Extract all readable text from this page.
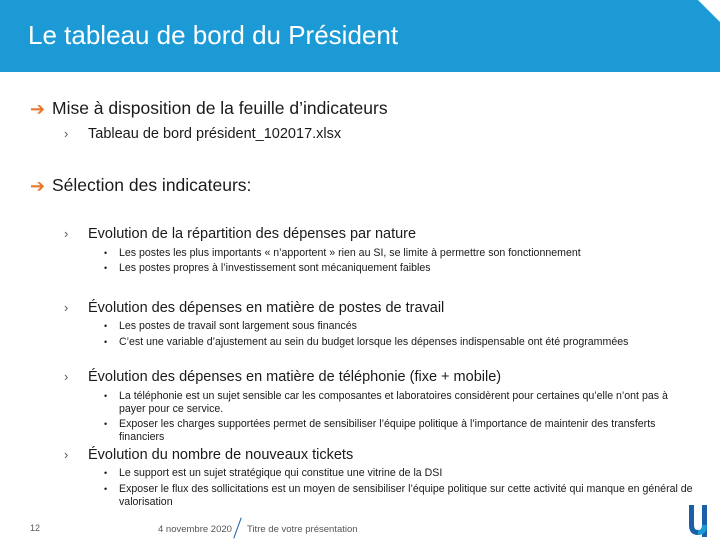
Le tableau de bord du Président
➔ Mise à disposition de la feuille d’indicateurs
›	Tableau de bord président_102017.xlsx
➔ Sélection des indicateurs:
›	Evolution de la répartition des dépenses par nature
•	Les postes les plus importants « n’apportent » rien au SI, se limite à permettre son fonctionnement
•	Les postes propres à l’investissement sont mécaniquement faibles
›	Évolution des dépenses en matière de postes de travail
•	Les postes de travail sont largement sous financés
•	C’est une variable d’ajustement au sein du budget lorsque les dépenses indispensable ont été programmées
›	Évolution des dépenses en matière de téléphonie (fixe + mobile)
•	La téléphonie est un sujet sensible car les composantes et laboratoires considèrent pour certaines qu’elle n’ont pas à payer pour ce service.
•	Exposer les charges supportées permet de sensibiliser l’équipe politique à l’importance de maintenir des transferts financiers
›	Évolution du nombre de nouveaux tickets
•	Le support est un sujet stratégique qui constitue une vitrine de la DSI
•	Exposer le flux des sollicitations est un moyen de sensibiliser l’équipe politique sur cette activité qui manque en général de valorisation
12	4 novembre 2020 Titre de votre présentation
